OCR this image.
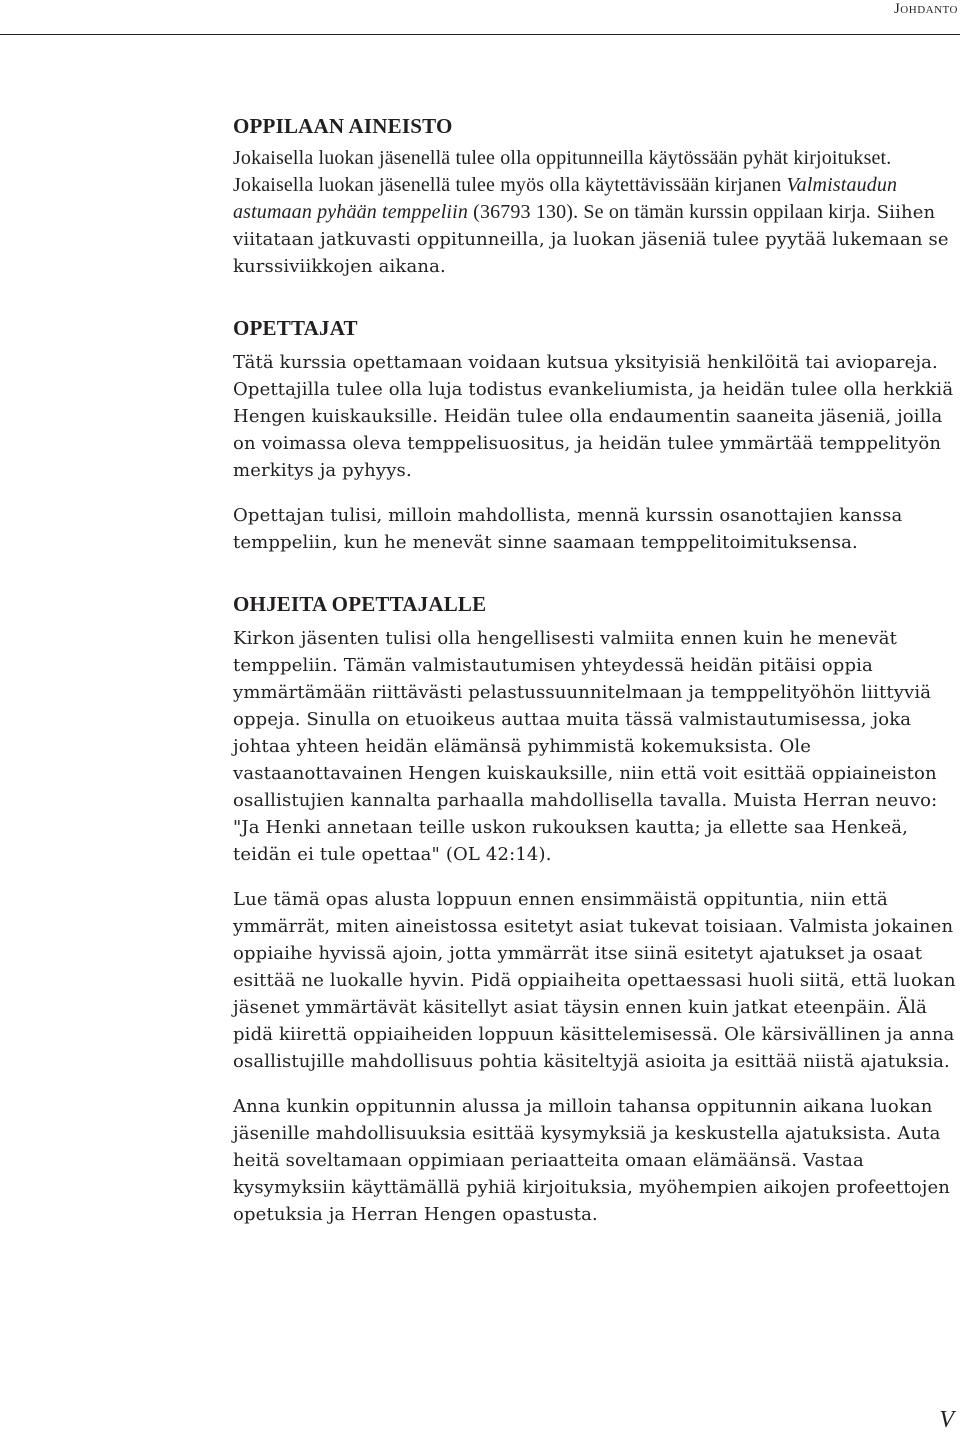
Johdanto
OPPILAAN AINEISTO

Jokaisella luokan jäsenellä tulee olla oppitunneilla käytössään pyhät kirjoitukset. Jokaisella luokan jäsenellä tulee myös olla käytettävissään kirjanen Valmistaudun astumaan pyhään temppeliin (36793 130). Se on tämän kurssin oppilaan kirja. Siihen viitataan jatkuvasti oppitunneilla, ja luokan jäseniä tulee pyytää lukemaan se kurssiviikkojen aikana.

OPETTAJAT

Tätä kurssia opettamaan voidaan kutsua yksityisiä henkilöitä tai aviopareja. Opettajilla tulee olla luja todistus evankeliumista, ja heidän tulee olla herkkiä Hengen kuiskauksille. Heidän tulee olla endaumentin saaneita jäseniä, joilla on voimassa oleva temppelisuositus, ja heidän tulee ymmärtää temppelityön merkitys ja pyhyys.

Opettajan tulisi, milloin mahdollista, mennä kurssin osanottajien kanssa temppeliin, kun he menevät sinne saamaan temppelitoimituksensa.

OHJEITA OPETTAJALLE

Kirkon jäsenten tulisi olla hengellisesti valmiita ennen kuin he menevät temppeliin. Tämän valmistautumisen yhteydessä heidän pitäisi oppia ymmärtämään riittävästi pelastussuunnitelmaan ja temppelityöhön liittyviä oppeja. Sinulla on etuoikeus auttaa muita tässä valmistautumisessa, joka johtaa yhteen heidän elämänsä pyhimmistä kokemuksista. Ole vastaanottavainen Hengen kuiskauksille, niin että voit esittää oppiaineiston osallistujien kannalta parhaalla mahdollisella tavalla. Muista Herran neuvo: "Ja Henki annetaan teille uskon rukouksen kautta; ja ellette saa Henkeä, teidän ei tule opettaa" (OL 42:14).

Lue tämä opas alusta loppuun ennen ensimmäistä oppituntia, niin että ymmärrät, miten aineistossa esitetyt asiat tukevat toisiaan. Valmista jokainen oppiaihe hyvissä ajoin, jotta ymmärrät itse siinä esitetyt ajatukset ja osaat esittää ne luokalle hyvin. Pidä oppiaiheita opettaessasi huoli siitä, että luokan jäsenet ymmärtävät käsitellyt asiat täysin ennen kuin jatkat eteenpäin. Älä pidä kiirettä oppiaiheiden loppuun käsittelemisessä. Ole kärsivällinen ja anna osallistujille mahdollisuus pohtia käsiteltyjä asioita ja esittää niistä ajatuksia.

Anna kunkin oppitunnin alussa ja milloin tahansa oppitunnin aikana luokan jäsenille mahdollisuuksia esittää kysymyksiä ja keskustella ajatuksista. Auta heitä soveltamaan oppimiaan periaatteita omaan elämäänsä. Vastaa kysymyksiin käyttämällä pyhiä kirjoituksia, myöhempien aikojen profeettojen opetuksia ja Herran Hengen opastusta.

V
